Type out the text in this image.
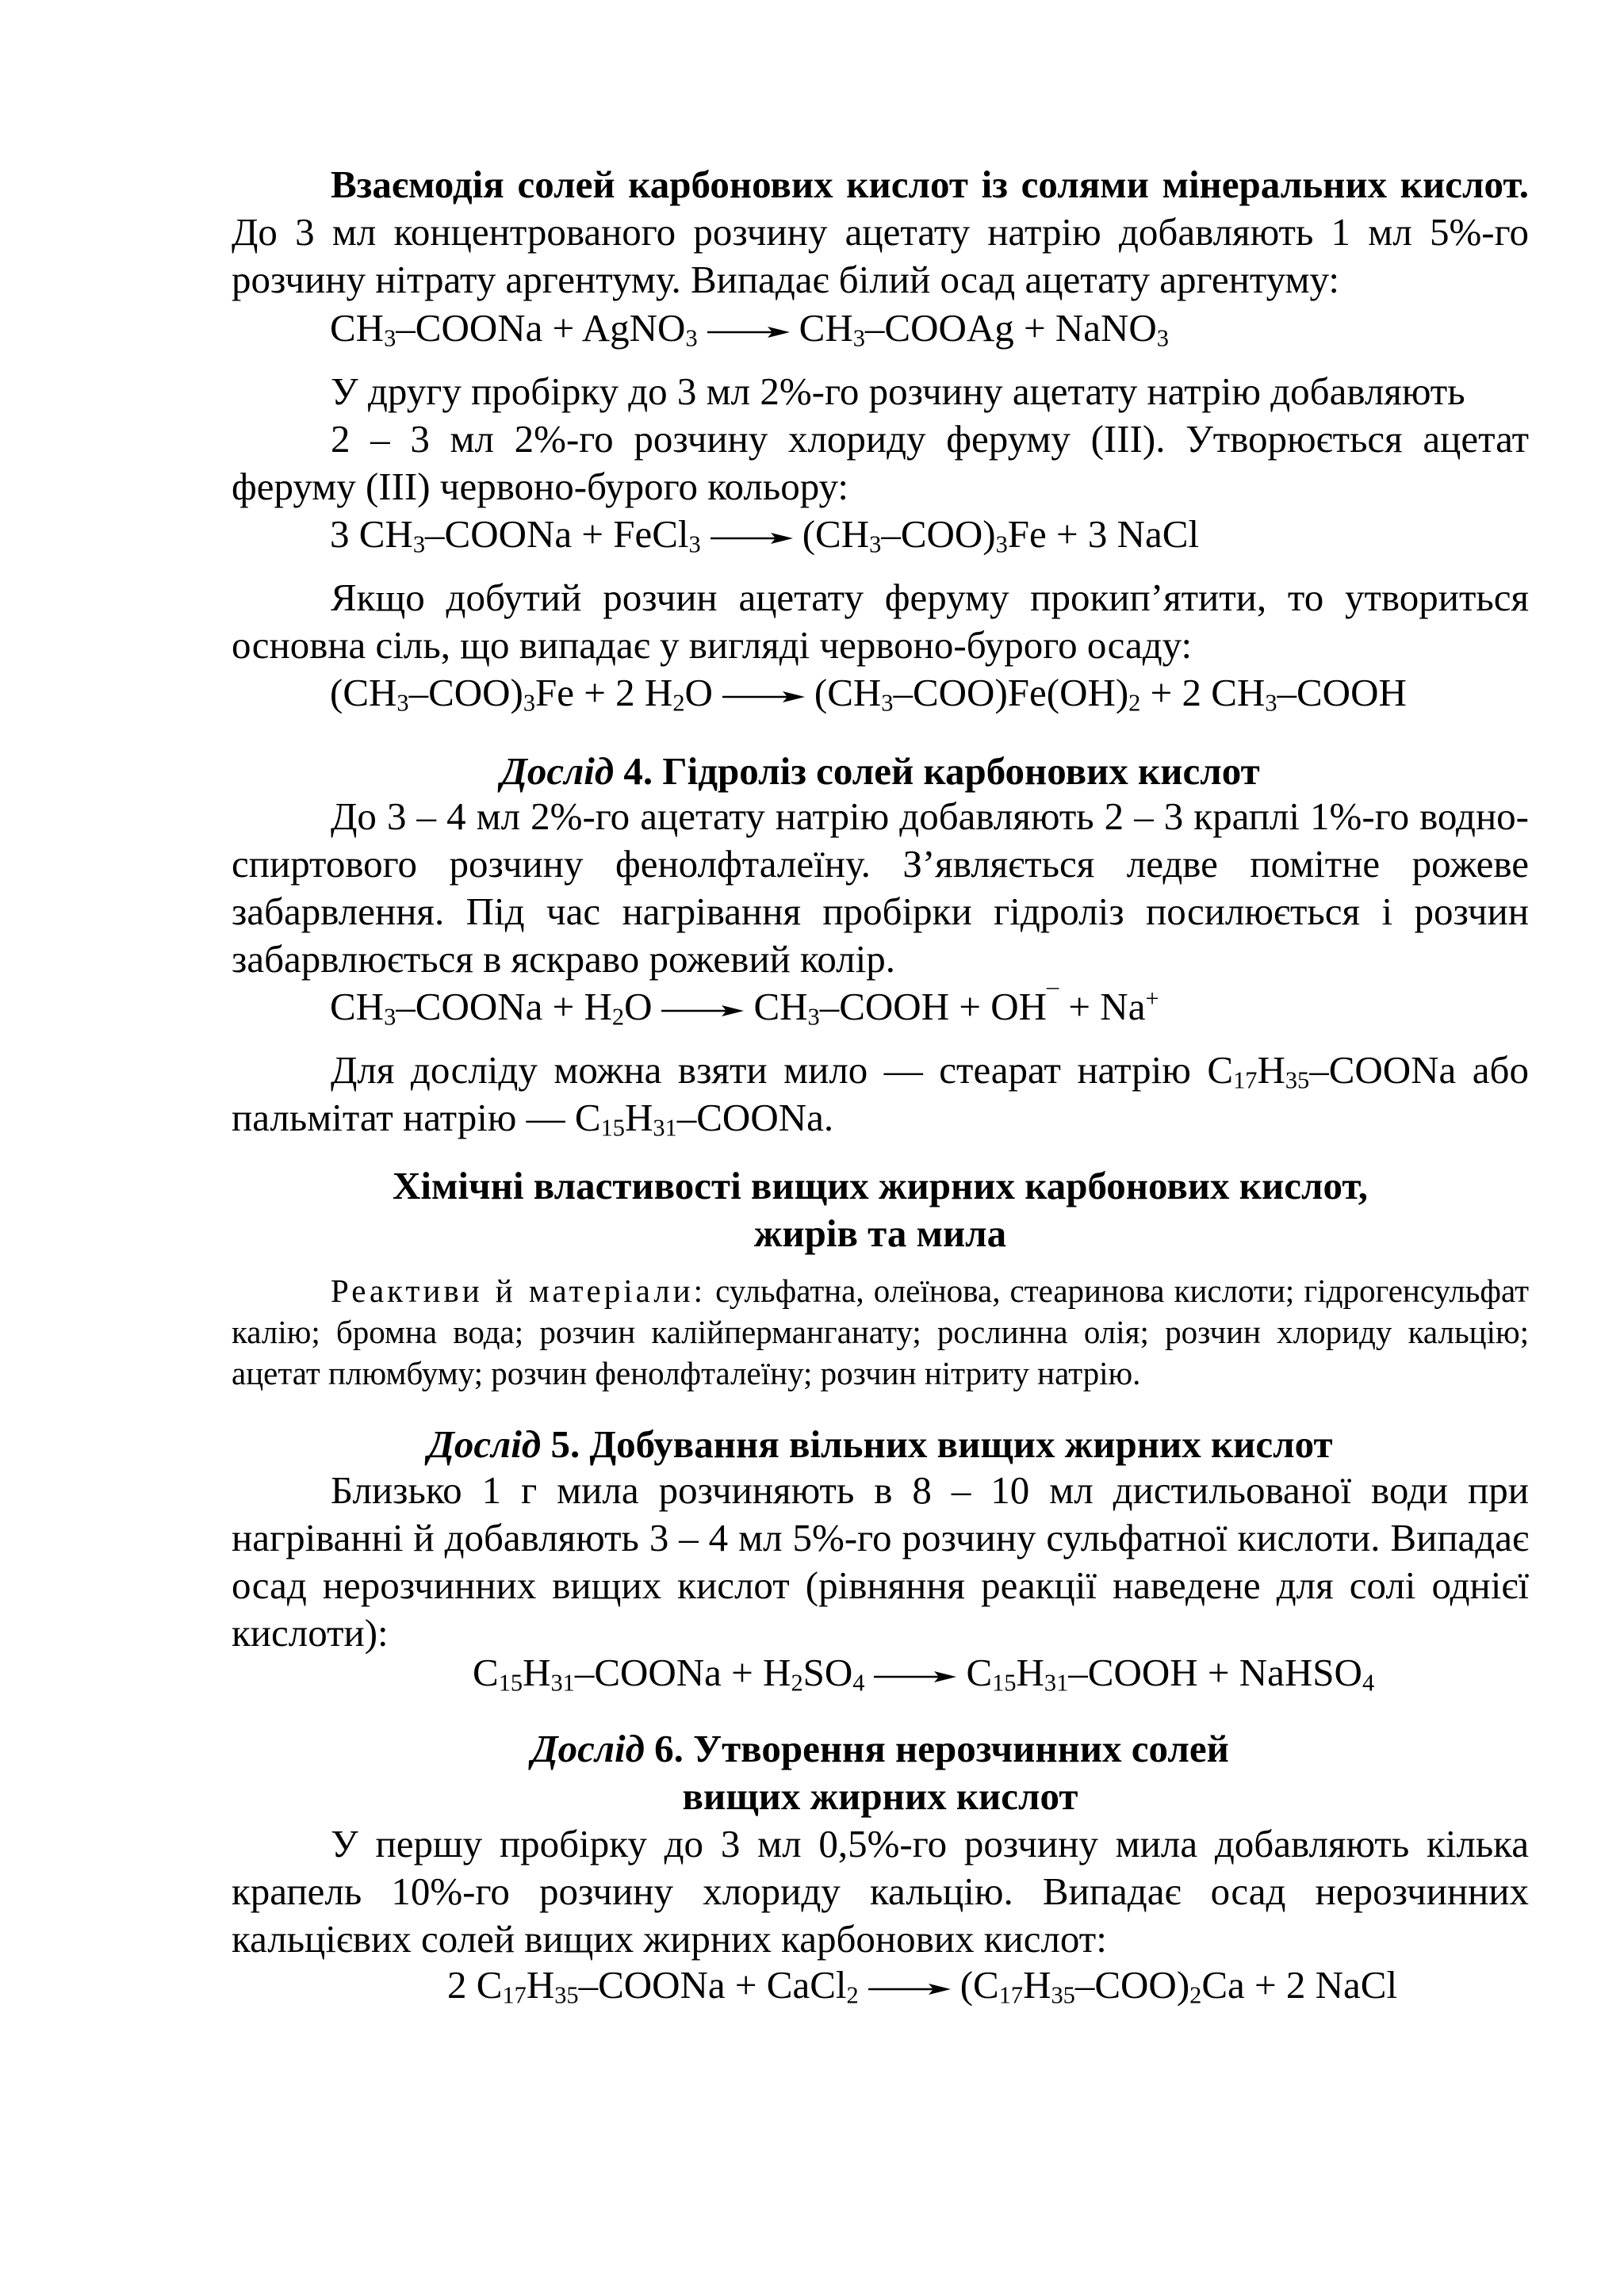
Взаємодія солей карбонових кислот із солями мінеральних кислот. До 3 мл концентрованого розчину ацетату натрію добавляють 1 мл 5%-го розчину нітрату аргентуму. Випадає білий осад ацетату аргентуму:

$CH_3$–COONa + AgNO$_3$ → $CH_3$–COOAg + NaNO$_3$
У другу пробірку до 3 мл 2%-го розчину ацетату натрію добавляють
2 – 3 мл 2%-го розчину хлориду феруму (III). Утворюється ацетат
феруму (III) червоно-бурого кольору:
3 $CH_3$–COONa + FeCl$_3$ → $(CH_3-COO)_3Fe + 3$ NaCl

Якщо добутий розчин ацетату феруму прокип’ятити, то утвориться основна сіль, що випадає у вигляді червоно-бурого осаду:

$(CH_3-COO)_3Fe + 2$ $H_2O \to (CH_3-COO)Fe(OH)_2 + 2$ $CH_3$–COOH
Дослід 4. Гідроліз солей карбонових кислот

До 3 – 4 мл 2%-го ацетату натрію добавляють 2 – 3 краплі 1%-го водно-спиртового розчину фенолфталеїну. З’являється ледве помітне рожеве забарвлення. Під час нагрівання пробірки гідроліз посилюється і розчин забарвлюється в яскраво рожевий колір.

$CH_3$–COONa + $H_2O$ → $CH_3$–COOH + OH¯ + Na+

Для досліду можна взяти мило — стеарат натрію $C_{17}H_{35}$–COONa або пальмітат натрію — $C_{15}H_{31}$–COONa.

Хімічні властивості вищих жирних карбонових кислот,
жирів та мила

Реактиви й матеріали: сульфатна, олеїнова, стеаринова кислоти; гідрогенсульфат калію; бромна вода; розчин калійперманганату; рослинна олія; розчин хлориду кальцію; ацетат плюмбуму; розчин фенолфталеїну; розчин нітриту натрію.

Дослід 5. Добування вільних вищих жирних кислот

Близько 1 г мила розчиняють в 8 – 10 мл дистильованої води при нагріванні й добавляють 3 – 4 мл 5%-го розчину сульфатної кислоти. Випадає осад нерозчинних вищих кислот (рівняння реакції наведене для солі однієї кислоти):

$C_{15}H_{31}$–COONa + $H_2SO_4$ → $C_{15}H_{31}$–COOH + NaHSO$_4$
Дослід 6. Утворення нерозчинних солей
вищих жирних кислот

У першу пробірку до 3 мл 0,5%-го розчину мила добавляють кілька крапель 10%-го розчину хлориду кальцію. Випадає осад нерозчинних кальцієвих солей вищих жирних карбонових кислот:

2 $C_{17}H_{35}$–COONa + CaCl$_2$ → $(C_{17}H_{35}-COO)_2Ca + 2$ NaCl
